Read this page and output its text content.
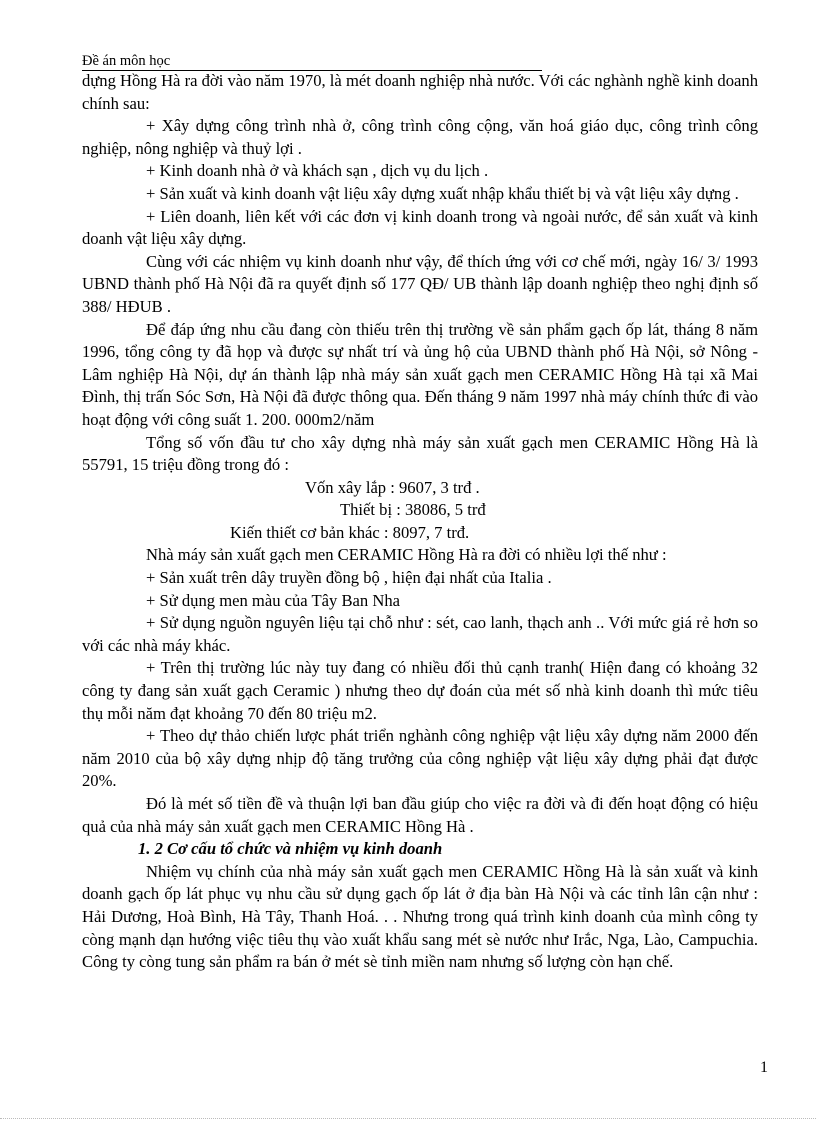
Đề án môn học

dựng Hồng Hà ra đời vào năm 1970, là mét doanh nghiệp nhà nước. Với các nghành nghề kinh doanh chính sau:

+ Xây dựng công trình nhà ở, công trình công cộng, văn hoá giáo dục, công trình công nghiệp, nông nghiệp và thuỷ lợi .

+ Kinh doanh nhà ở và khách sạn , dịch vụ du lịch .

+ Sản xuất và kinh doanh vật liệu xây dựng xuất nhập khẩu thiết bị và vật liệu xây dựng .

+ Liên doanh, liên kết với các đơn vị kinh doanh trong và ngoài nước, để sản xuất và kinh doanh vật liệu xây dựng.

Cùng với các nhiệm vụ kinh doanh như vậy, để thích ứng với cơ chế mới, ngày 16/ 3/ 1993 UBND thành phố Hà Nội đã ra quyết định số 177 QĐ/ UB thành lập doanh nghiệp theo nghị định số 388/ HĐUB .

Để đáp ứng nhu cầu đang còn thiếu trên thị trường về sản phẩm gạch ốp lát, tháng 8 năm 1996, tổng công ty đã họp và được sự nhất trí và ủng hộ của UBND thành phố Hà Nội, sở Nông - Lâm nghiệp Hà Nội, dự án thành lập nhà máy sản xuất gạch men CERAMIC Hồng Hà tại xã Mai Đình, thị trấn Sóc Sơn, Hà Nội đã được thông qua. Đến tháng 9 năm 1997 nhà máy chính thức đi vào hoạt động với công suất 1. 200. 000m2/năm

Tổng số vốn đầu tư cho xây dựng nhà máy sản xuất gạch men CERAMIC Hồng Hà là 55791, 15 triệu đồng trong đó :

Vốn xây lắp : 9607, 3 trđ .

Thiết bị : 38086, 5 trđ

Kiến thiết cơ bản khác : 8097, 7 trđ.

Nhà máy sản xuất gạch men CERAMIC Hồng Hà ra đời có nhiều lợi thế như :

+ Sản xuất trên dây truyền đồng bộ , hiện đại nhất của Italia .

+ Sử dụng men màu của Tây Ban Nha

+ Sử dụng nguồn nguyên liệu tại chỗ như : sét, cao lanh, thạch anh .. Với mức giá rẻ hơn so với các nhà máy khác.

+ Trên thị trường lúc này tuy đang có nhiều đối thủ cạnh tranh( Hiện đang có khoảng 32 công ty đang sản xuất gạch Ceramic ) nhưng theo dự đoán của mét số nhà kinh doanh thì mức tiêu thụ mỗi năm đạt khoảng 70 đến 80 triệu m2.

+ Theo dự thảo chiến lược phát triển nghành công nghiệp vật liệu xây dựng năm 2000 đến năm 2010 của bộ xây dựng nhịp độ tăng trưởng của công nghiệp vật liệu xây dựng phải đạt được 20%.

Đó là mét số tiền đề và thuận lợi ban đầu giúp cho việc ra đời và đi đến hoạt động có hiệu quả của nhà máy sản xuất gạch men CERAMIC Hồng Hà .

1. 2 Cơ cấu tổ chức và nhiệm vụ kinh doanh

Nhiệm vụ chính của nhà máy sản xuất gạch men CERAMIC Hồng Hà là sản xuất và kinh doanh gạch ốp lát phục vụ nhu cầu sử dụng gạch ốp lát ở địa bàn Hà Nội và các tỉnh lân cận như : Hải Dương, Hoà Bình, Hà Tây, Thanh Hoá. . . Nhưng trong quá trình kinh doanh của mình công ty còng mạnh dạn hướng việc tiêu thụ vào xuất khẩu sang mét sè nước như Irắc, Nga, Lào, Campuchia. Công ty còng tung sản phẩm ra bán ở mét sè tỉnh miền nam nhưng số lượng còn hạn chế.

1
